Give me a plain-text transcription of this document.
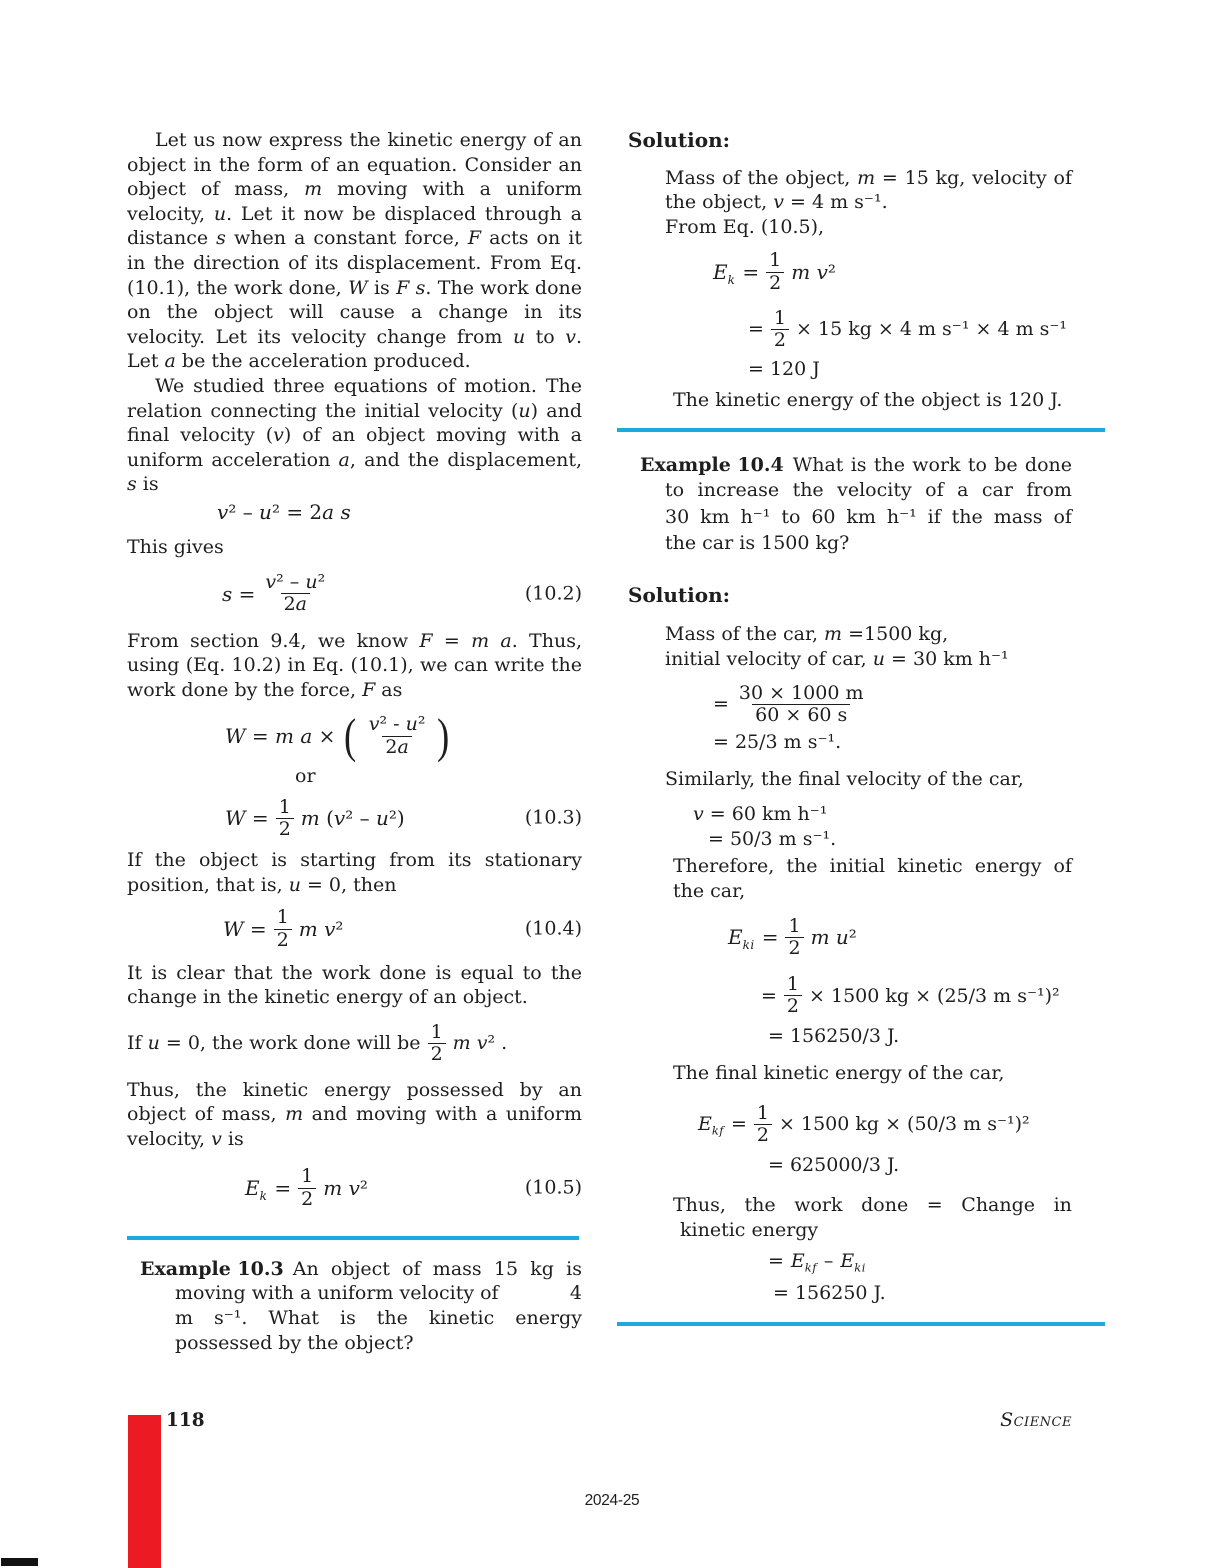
Let us now express the kinetic energy of an object in the form of an equation. Consider an object of mass, m moving with a uniform velocity, u. Let it now be displaced through a distance s when a constant force, F acts on it in the direction of its displacement. From Eq. (10.1), the work done, W is F s. The work done on the object will cause a change in its velocity. Let its velocity change from u to v. Let a be the acceleration produced.

We studied three equations of motion. The relation connecting the initial velocity (u) and final velocity (v) of an object moving with a uniform acceleration a, and the displacement, s is

v² – u² = 2a s

This gives

$s = \frac{\text{v² – u²}}{2a}$	(10.2)

From section 9.4, we know F = m a. Thus, using (Eq. 10.2) in Eq. (10.1), we can write the work done by the force, F as

W = m a × ( $\frac{\text{v² - u²}}{2a}$ )

or

$W = \frac{1}{2}$ m (v² – u²)	(10.3)

If the object is starting from its stationary position, that is, u = 0, then

$W = \frac{1}{2}$ m v²	(10.4)

It is clear that the work done is equal to the change in the kinetic energy of an object.

If u = 0, the work done will be $\frac{1}{2}$ m v² .

Thus, the kinetic energy possessed by an object of mass, m and moving with a uniform velocity, v is

$E_k = \frac{1}{2}$ m v²	(10.5)
Example 10.3 An object of mass 15 kg is
moving with a uniform velocity of	4
m s⁻¹. What is the kinetic energy
possessed by the object?

Solution:

Mass of the object, m = 15 kg, velocity of the object, v = 4 m s⁻¹.

From Eq. (10.5),

$E_k = \frac{1}{2}$ m v²
= $\frac{1}{2} \times 15$ kg × 4 m s⁻¹ × 4 m s⁻¹

= 120 J

The kinetic energy of the object is 120 J.

Example 10.4 What is the work to be done
to increase the velocity of a car from
30 km h⁻¹ to 60 km h⁻¹ if the mass of
the car is 1500 kg?

Solution:

Mass of the car, m =1500 kg,

initial velocity of car, u = 30 km h⁻¹

= $\frac{30 \times 1000 m}{60 \times 60 s}$

= 25/3 m s⁻¹.

Similarly, the final velocity of the car,

v = 60 km h⁻¹

= 50/3 m s⁻¹.

Therefore, the initial kinetic energy of the car,

$E_{ki} = \frac{1}{2}$ m u²
= $\frac{1}{2} \times 1500$ kg × (25/3 m s⁻¹)²

= 156250/3 J.

The final kinetic energy of the car,

$E_{kf} = \frac{1}{2} \times 1500$ kg × (50/3 m s⁻¹)²

= 625000/3 J.

Thus, the work done = Change in

kinetic energy

= $E_{kf} - E_{ki}$

= 156250 J.

118	Science
2024-25
